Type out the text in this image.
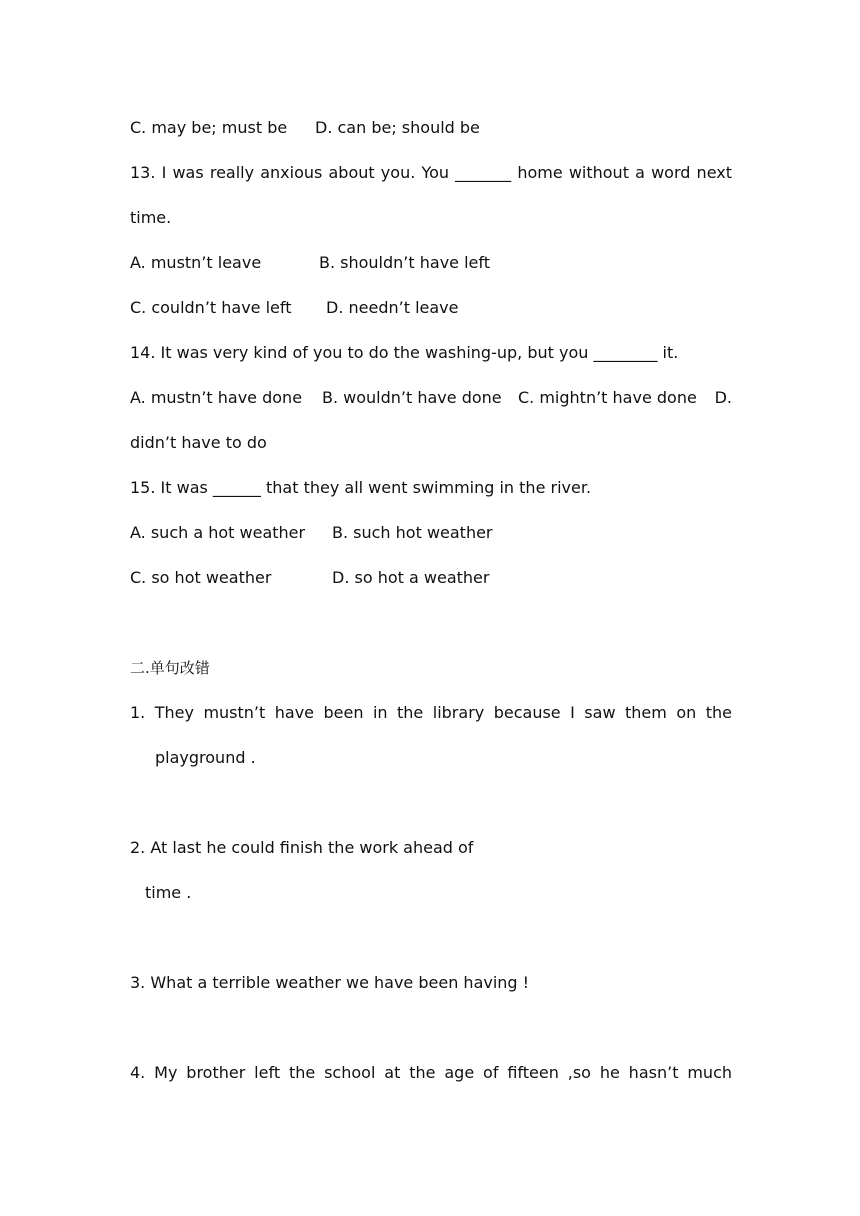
C. may be; must be D. can be; should be
13. I was really anxious about you. You _______ home without a word next
time.
A. mustn’t leave	B. shouldn’t have left
C. couldn’t have left D. needn’t leave
14. It was very kind of you to do the washing-up, but you ________ it.
A. mustn’t have done B. wouldn’t have done C. mightn’t have done D.
didn’t have to do
15. It was ______ that they all went swimming in the river.
A. such a hot weather B. such hot weather
C. so hot weather	D. so hot a weather
二.单句改错
1. They mustn’t have been in the library because I saw them on the
playground .
2. At last he could finish the work ahead of
time .
3. What a terrible weather we have been having !
4. My brother left the school at the age of fifteen ,so he hasn’t much
